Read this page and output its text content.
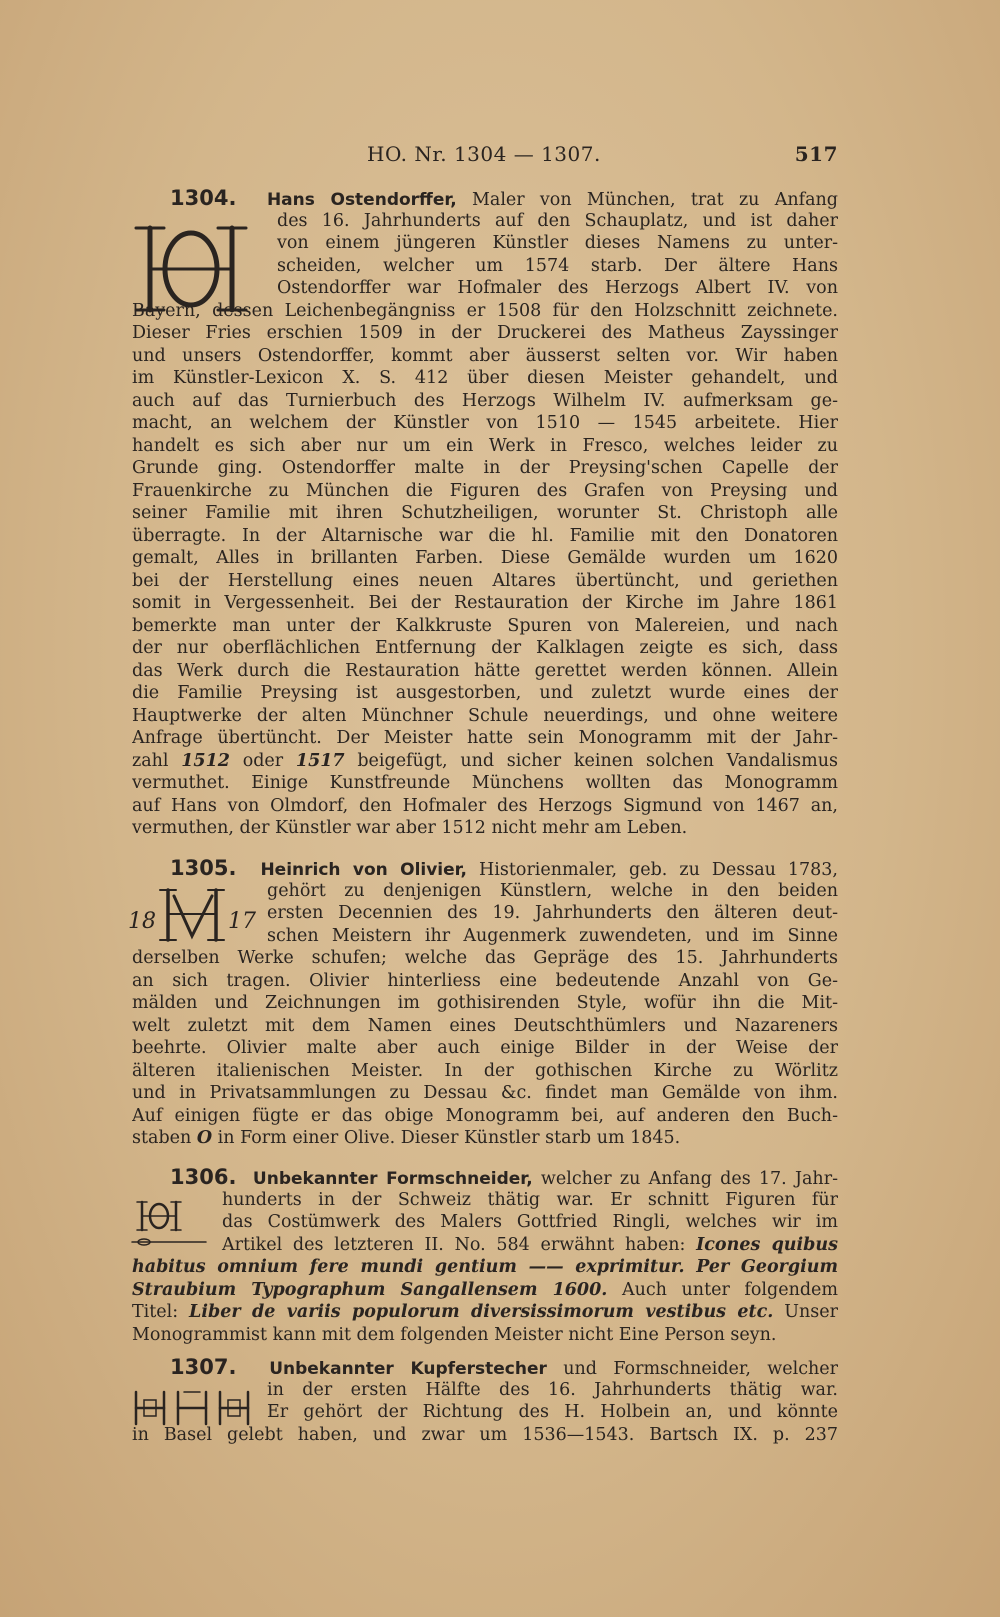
HO. Nr. 1304 — 1307.	517
1304. Hans Ostendorffer, Maler von München, trat zu Anfang
des 16. Jahrhunderts auf den Schauplatz, und ist daher
von einem jüngeren Künstler dieses Namens zu unter-
scheiden, welcher um 1574 starb. Der ältere Hans
Ostendorffer war Hofmaler des Herzogs Albert IV. von
Bayern, dessen Leichenbegängniss er 1508 für den Holzschnitt zeichnete.
Dieser Fries erschien 1509 in der Druckerei des Matheus Zayssinger
und unsers Ostendorffer, kommt aber äusserst selten vor. Wir haben
im Künstler-Lexicon X. S. 412 über diesen Meister gehandelt, und
auch auf das Turnierbuch des Herzogs Wilhelm IV. aufmerksam ge-
macht, an welchem der Künstler von 1510 — 1545 arbeitete. Hier
handelt es sich aber nur um ein Werk in Fresco, welches leider zu
Grunde ging. Ostendorffer malte in der Preysing'schen Capelle der
Frauenkirche zu München die Figuren des Grafen von Preysing und
seiner Familie mit ihren Schutzheiligen, worunter St. Christoph alle
überragte. In der Altarnische war die hl. Familie mit den Donatoren
gemalt, Alles in brillanten Farben. Diese Gemälde wurden um 1620
bei der Herstellung eines neuen Altares übertüncht, und geriethen
somit in Vergessenheit. Bei der Restauration der Kirche im Jahre 1861
bemerkte man unter der Kalkkruste Spuren von Malereien, und nach
der nur oberflächlichen Entfernung der Kalklagen zeigte es sich, dass
das Werk durch die Restauration hätte gerettet werden können. Allein
die Familie Preysing ist ausgestorben, und zuletzt wurde eines der
Hauptwerke der alten Münchner Schule neuerdings, und ohne weitere
Anfrage übertüncht. Der Meister hatte sein Monogramm mit der Jahr-
zahl 1512 oder 1517 beigefügt, und sicher keinen solchen Vandalismus
vermuthet. Einige Kunstfreunde Münchens wollten das Monogramm
auf Hans von Olmdorf, den Hofmaler des Herzogs Sigmund von 1467 an,
vermuthen, der Künstler war aber 1512 nicht mehr am Leben.
18	17
1305. Heinrich von Olivier, Historienmaler, geb. zu Dessau 1783,
gehört zu denjenigen Künstlern, welche in den beiden
ersten Decennien des 19. Jahrhunderts den älteren deut-
schen Meistern ihr Augenmerk zuwendeten, und im Sinne
derselben Werke schufen; welche das Gepräge des 15. Jahrhunderts
an sich tragen. Olivier hinterliess eine bedeutende Anzahl von Ge-
mälden und Zeichnungen im gothisirenden Style, wofür ihn die Mit-
welt zuletzt mit dem Namen eines Deutschthümlers und Nazareners
beehrte. Olivier malte aber auch einige Bilder in der Weise der
älteren italienischen Meister. In der gothischen Kirche zu Wörlitz
und in Privatsammlungen zu Dessau &c. findet man Gemälde von ihm.
Auf einigen fügte er das obige Monogramm bei, auf anderen den Buch-
staben O in Form einer Olive. Dieser Künstler starb um 1845.
1306. Unbekannter Formschneider, welcher zu Anfang des 17. Jahr-
hunderts in der Schweiz thätig war. Er schnitt Figuren für
das Costümwerk des Malers Gottfried Ringli, welches wir im
Artikel des letzteren II. No. 584 erwähnt haben: Icones quibus
habitus omnium fere mundi gentium —— exprimitur. Per Georgium
Straubium Typographum Sangallensem 1600. Auch unter folgendem
Titel: Liber de variis populorum diversissimorum vestibus etc. Unser
Monogrammist kann mit dem folgenden Meister nicht Eine Person seyn.
1307. Unbekannter Kupferstecher und Formschneider, welcher
in der ersten Hälfte des 16. Jahrhunderts thätig war.
Er gehört der Richtung des H. Holbein an, und könnte
in Basel gelebt haben, und zwar um 1536—1543. Bartsch IX. p. 237
